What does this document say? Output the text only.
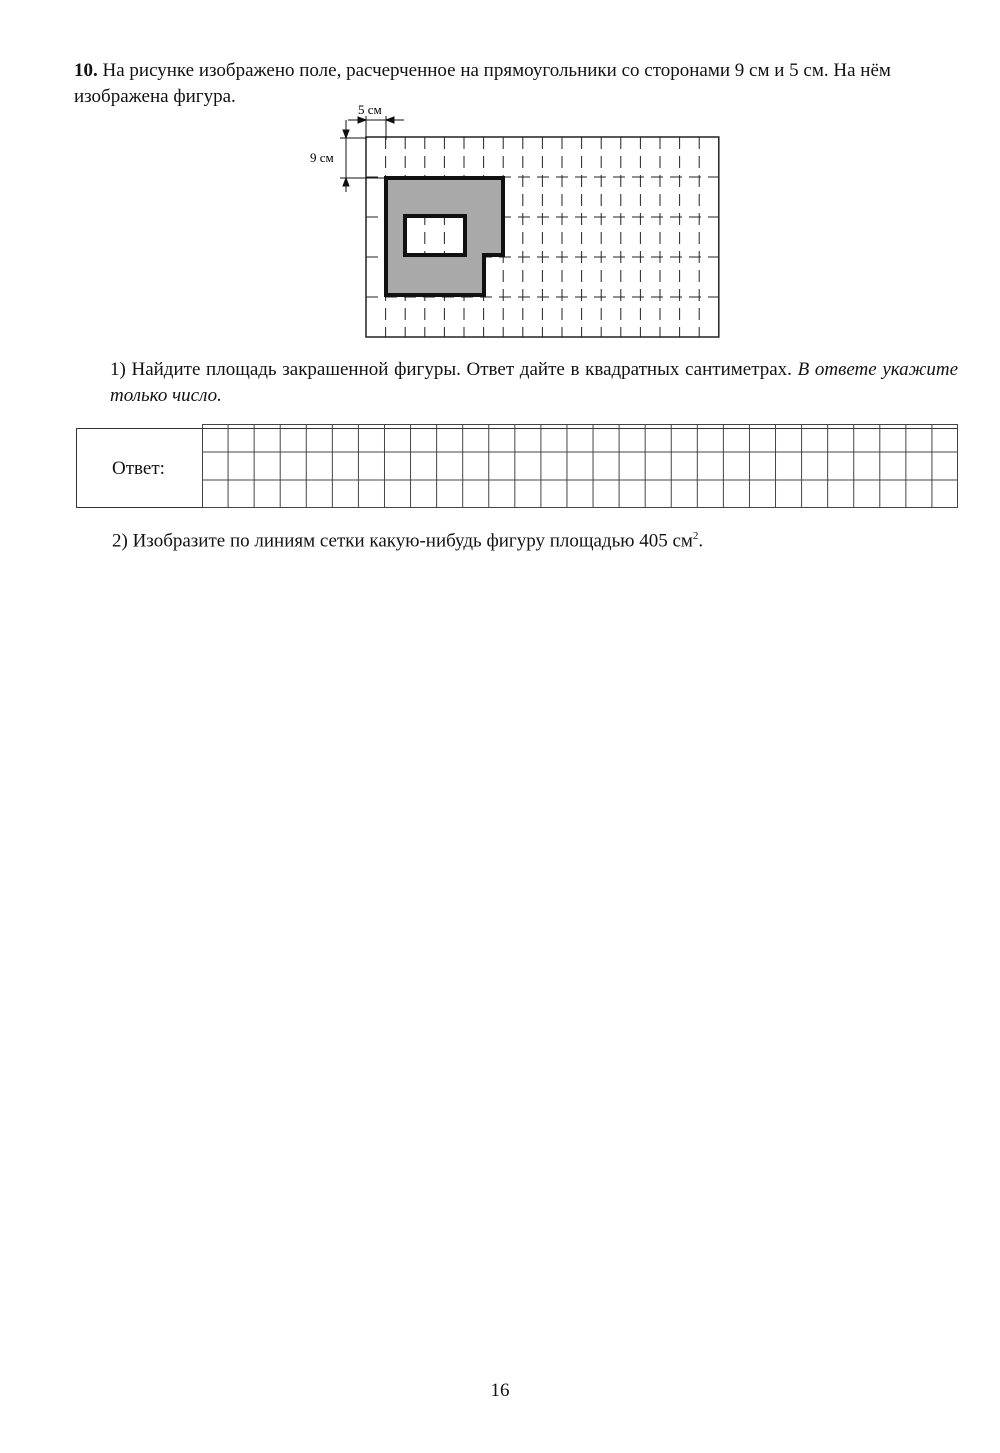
10. На рисунке изображено поле, расчерченное на прямоугольники со сторонами 9 см и 5 см. На нём изображена фигура.
5 см
9 см
1) Найдите площадь закрашенной фигуры. Ответ дайте в квадратных сантиметрах. В ответе укажите только число.
Ответ:
2) Изобразите по линиям сетки какую-нибудь фигуру площадью 405 $см^2$.
16
